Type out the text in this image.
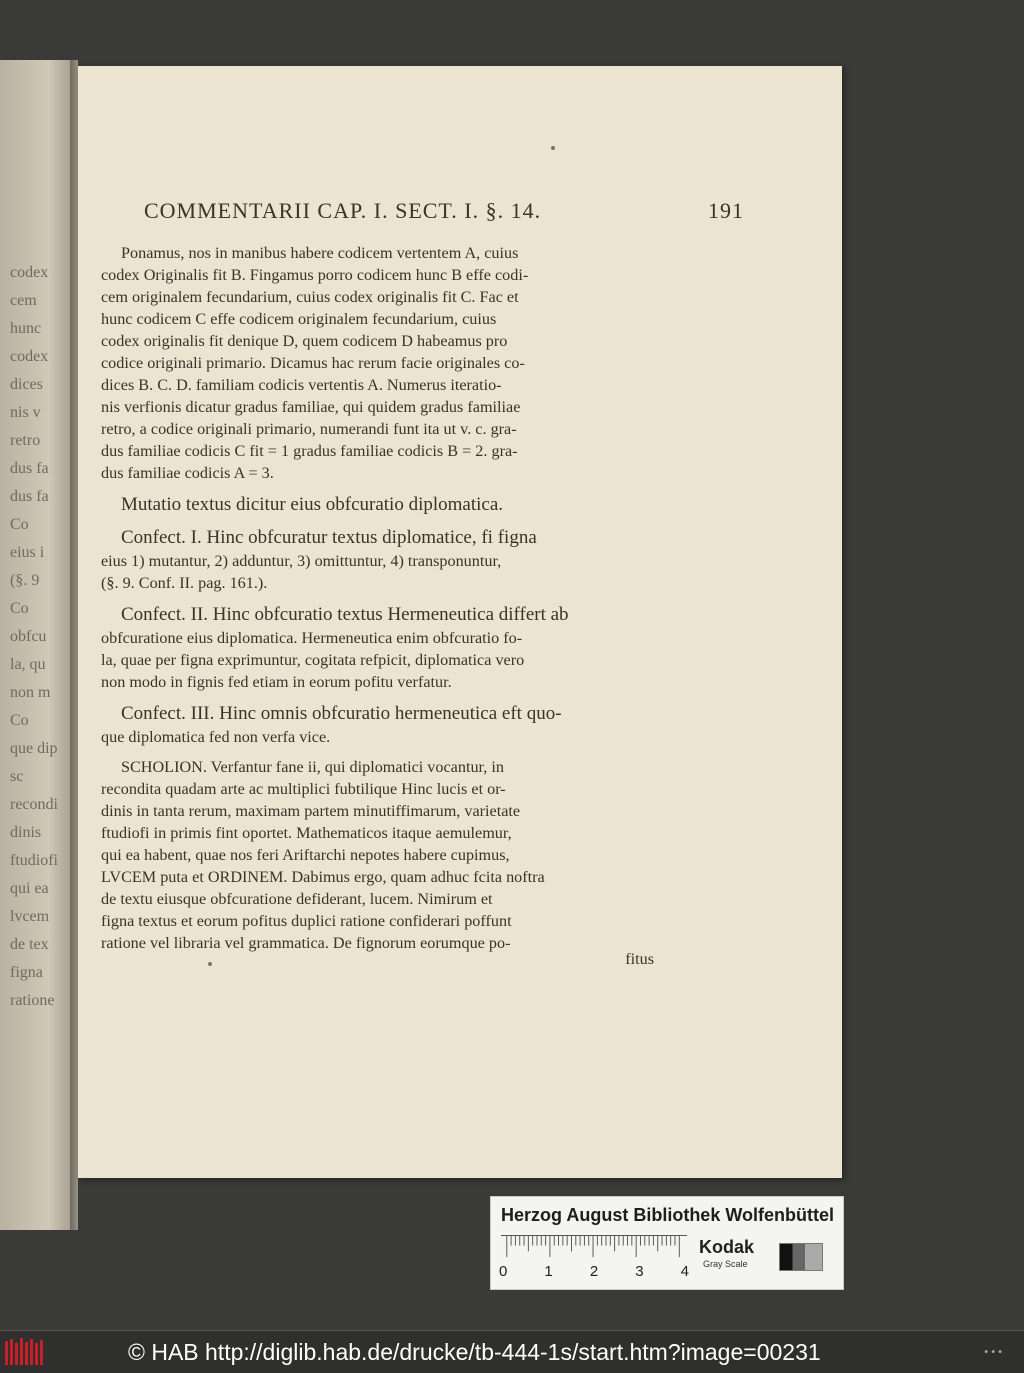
codex
cem
hunc
codex
dices
nis v
retro
dus fa
dus fa
Co
eius i
(§. 9
Co
obfcu
la, qu
non m
Co
que dip
sc
recondi
dinis
ftudiofi
qui ea
lvcem
de tex
figna
ratione
COMMENTARII CAP. I. SECT. I. §. 14.	191

Ponamus, nos in manibus habere codicem vertentem A, cuius

codex Originalis fit B. Fingamus porro codicem hunc B effe codi-

cem originalem fecundarium, cuius codex originalis fit C. Fac et

hunc codicem C effe codicem originalem fecundarium, cuius

codex originalis fit denique D, quem codicem D habeamus pro

codice originali primario. Dicamus hac rerum facie originales co-

dices B. C. D. familiam codicis vertentis A. Numerus iteratio-

nis verfionis dicatur gradus familiae, qui quidem gradus familiae

retro, a codice originali primario, numerandi funt ita ut v. c. gra-

dus familiae codicis C fit = 1 gradus familiae codicis B = 2. gra-

dus familiae codicis A = 3.

Mutatio textus dicitur eius obfcuratio diplomatica.

Confect. I. Hinc obfcuratur textus diplomatice, fi figna

eius 1) mutantur, 2) adduntur, 3) omittuntur, 4) transponuntur,

(§. 9. Conf. II. pag. 161.).

Confect. II. Hinc obfcuratio textus Hermeneutica differt ab

obfcuratione eius diplomatica. Hermeneutica enim obfcuratio fo-

la, quae per figna exprimuntur, cogitata refpicit, diplomatica vero

non modo in fignis fed etiam in eorum pofitu verfatur.

Confect. III. Hinc omnis obfcuratio hermeneutica eft quo-

que diplomatica fed non verfa vice.

SCHOLION. Verfantur fane ii, qui diplomatici vocantur, in

recondita quadam arte ac multiplici fubtilique Hinc lucis et or-

dinis in tanta rerum, maximam partem minutiffimarum, varietate

ftudiofi in primis fint oportet. Mathematicos itaque aemulemur,

qui ea habent, quae nos feri Ariftarchi nepotes habere cupimus,

LVCEM puta et ORDINEM. Dabimus ergo, quam adhuc fcita noftra

de textu eiusque obfcuratione defiderant, lucem. Nimirum et

figna textus et eorum pofitus duplici ratione confiderari poffunt

ratione vel libraria vel grammatica. De fignorum eorumque po-

fitus

Herzog August Bibliothek Wolfenbüttel
0 1 2 3 4
Kodak
Gray Scale
© HAB http://diglib.hab.de/drucke/tb-444-1s/start.htm?image=00231	•••
